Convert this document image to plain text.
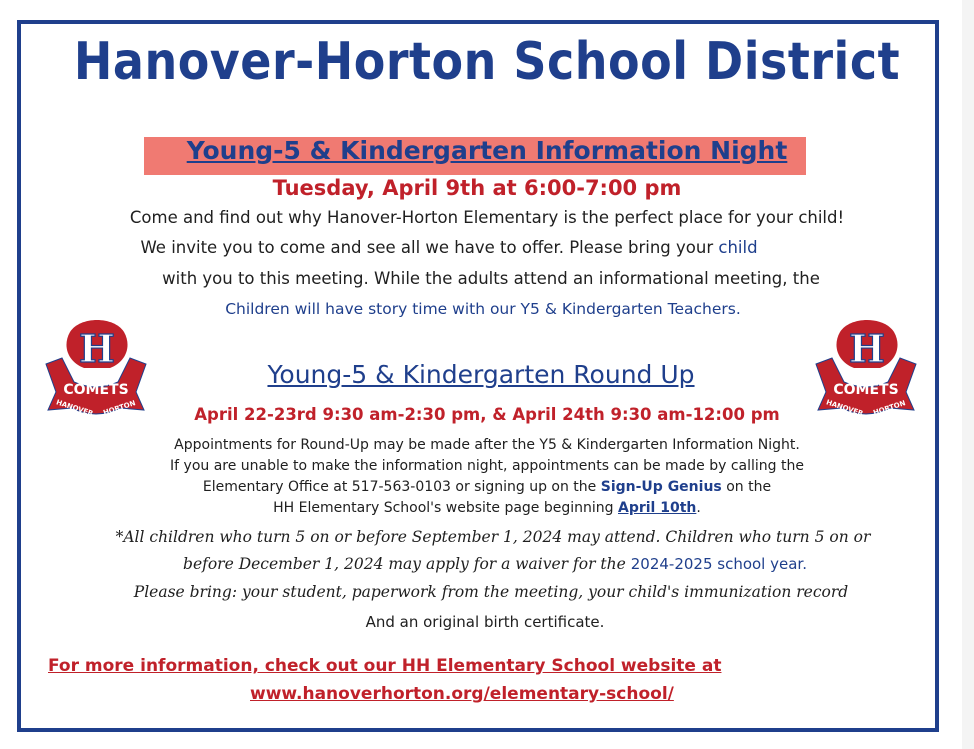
Hanover-Horton School District
Young-5 & Kindergarten Information Night
Tuesday, April 9th at 6:00-7:00 pm
Come and find out why Hanover-Horton Elementary is the perfect place for your child!
We invite you to come and see all we have to offer. Please bring your child
with you to this meeting. While the adults attend an informational meeting, the
Children will have story time with our Y5 & Kindergarten Teachers.
H
COMETS
HANOVER HORTON
H
COMETS
HANOVER HORTON
Young-5 & Kindergarten Round Up
April 22-23rd 9:30 am-2:30 pm, & April 24th 9:30 am-12:00 pm
Appointments for Round-Up may be made after the Y5 & Kindergarten Information Night.
If you are unable to make the information night, appointments can be made by calling the
Elementary Office at 517-563-0103 or signing up on the Sign-Up Genius on the
HH Elementary School's website page beginning April 10th.
*All children who turn 5 on or before September 1, 2024 may attend. Children who turn 5 on or
before December 1, 2024 may apply for a waiver for the 2024-2025 school year.
Please bring: your student, paperwork from the meeting, your child's immunization record
And an original birth certificate.
For more information, check out our HH Elementary School website at
www.hanoverhorton.org/elementary-school/
